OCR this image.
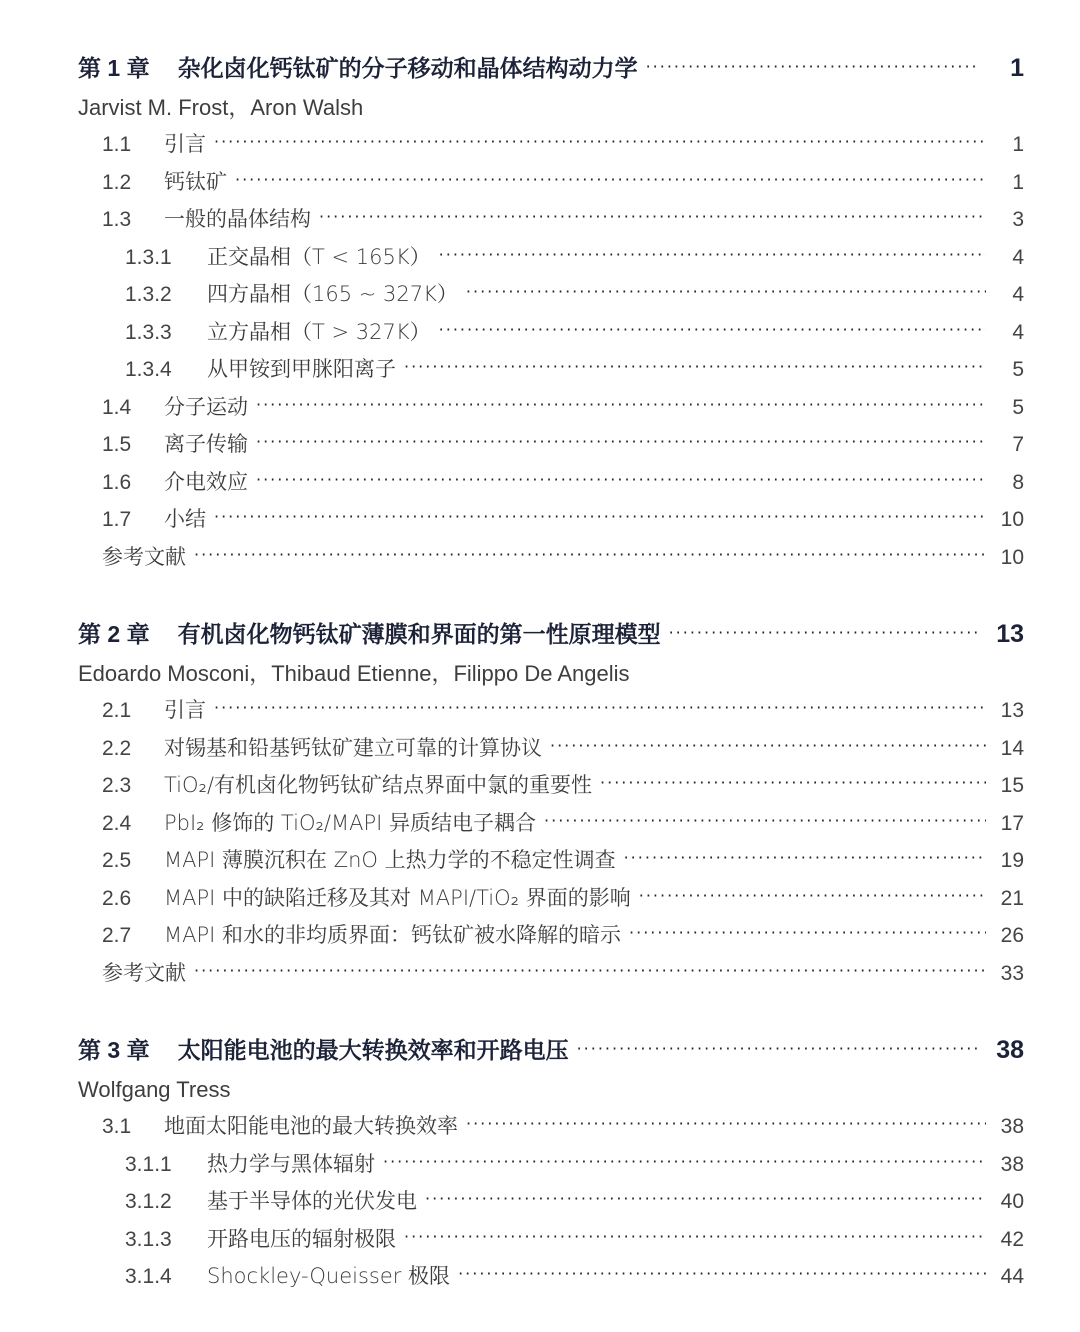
第 1 章 杂化卤化钙钛矿的分子移动和晶体结构动力学 ·····	1
Jarvist M. Frost，Aron Walsh
1.1 引言 ·····	1
1.2 钙钛矿 ·····	1
1.3 一般的晶体结构 ·····	3
1.3.1 正交晶相（T < 165K） ·····	4
1.3.2 四方晶相（165 ~ 327K） ·····	4
1.3.3 立方晶相（T > 327K） ·····	4
1.3.4 从甲铵到甲脒阳离子 ·····	5
1.4 分子运动 ·····	5
1.5 离子传输 ·····	7
1.6 介电效应 ·····	8
1.7 小结 ·····	10
参考文献 ·····	10
第 2 章 有机卤化物钙钛矿薄膜和界面的第一性原理模型 ·····	13
Edoardo Mosconi，Thibaud Etienne，Filippo De Angelis
2.1 引言 ·····	13
2.2 对锡基和铅基钙钛矿建立可靠的计算协议 ·····	14
2.3 TiO₂/有机卤化物钙钛矿结点界面中氯的重要性 ·····	15
2.4 PbI₂ 修饰的 TiO₂/MAPI 异质结电子耦合 ·····	17
2.5 MAPI 薄膜沉积在 ZnO 上热力学的不稳定性调查 ·····	19
2.6 MAPI 中的缺陷迁移及其对 MAPI/TiO₂ 界面的影响 ·····	21
2.7 MAPI 和水的非均质界面：钙钛矿被水降解的暗示 ·····	26
参考文献 ·····	33
第 3 章 太阳能电池的最大转换效率和开路电压 ·····	38
Wolfgang Tress
3.1 地面太阳能电池的最大转换效率 ·····	38
3.1.1 热力学与黑体辐射 ·····	38
3.1.2 基于半导体的光伏发电 ·····	40
3.1.3 开路电压的辐射极限 ·····	42
3.1.4 Shockley-Queisser 极限 ·····	44
